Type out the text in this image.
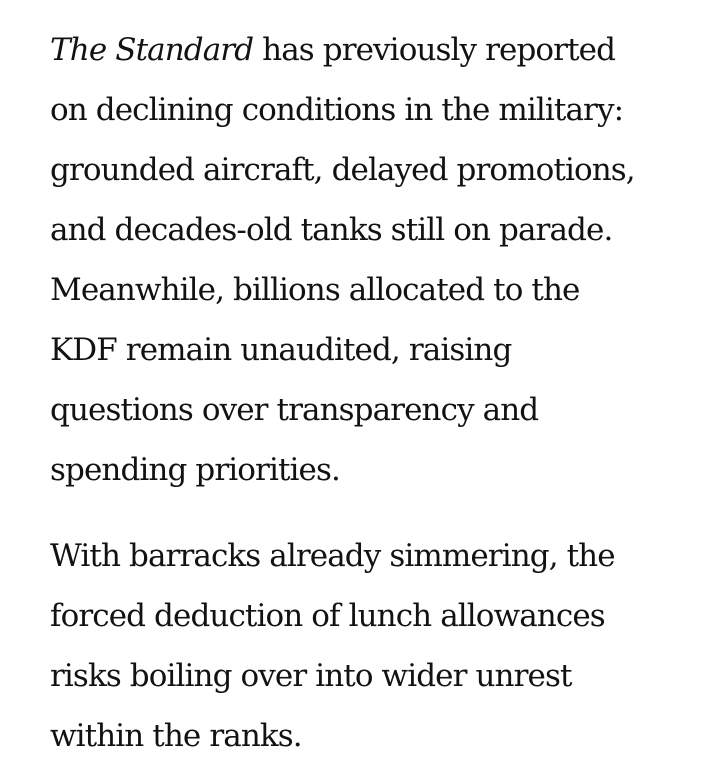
The Standard has previously reported
on declining conditions in the military:
grounded aircraft, delayed promotions,
and decades-old tanks still on parade.
Meanwhile, billions allocated to the
KDF remain unaudited, raising
questions over transparency and
spending priorities.

With barracks already simmering, the
forced deduction of lunch allowances
risks boiling over into wider unrest
within the ranks.
